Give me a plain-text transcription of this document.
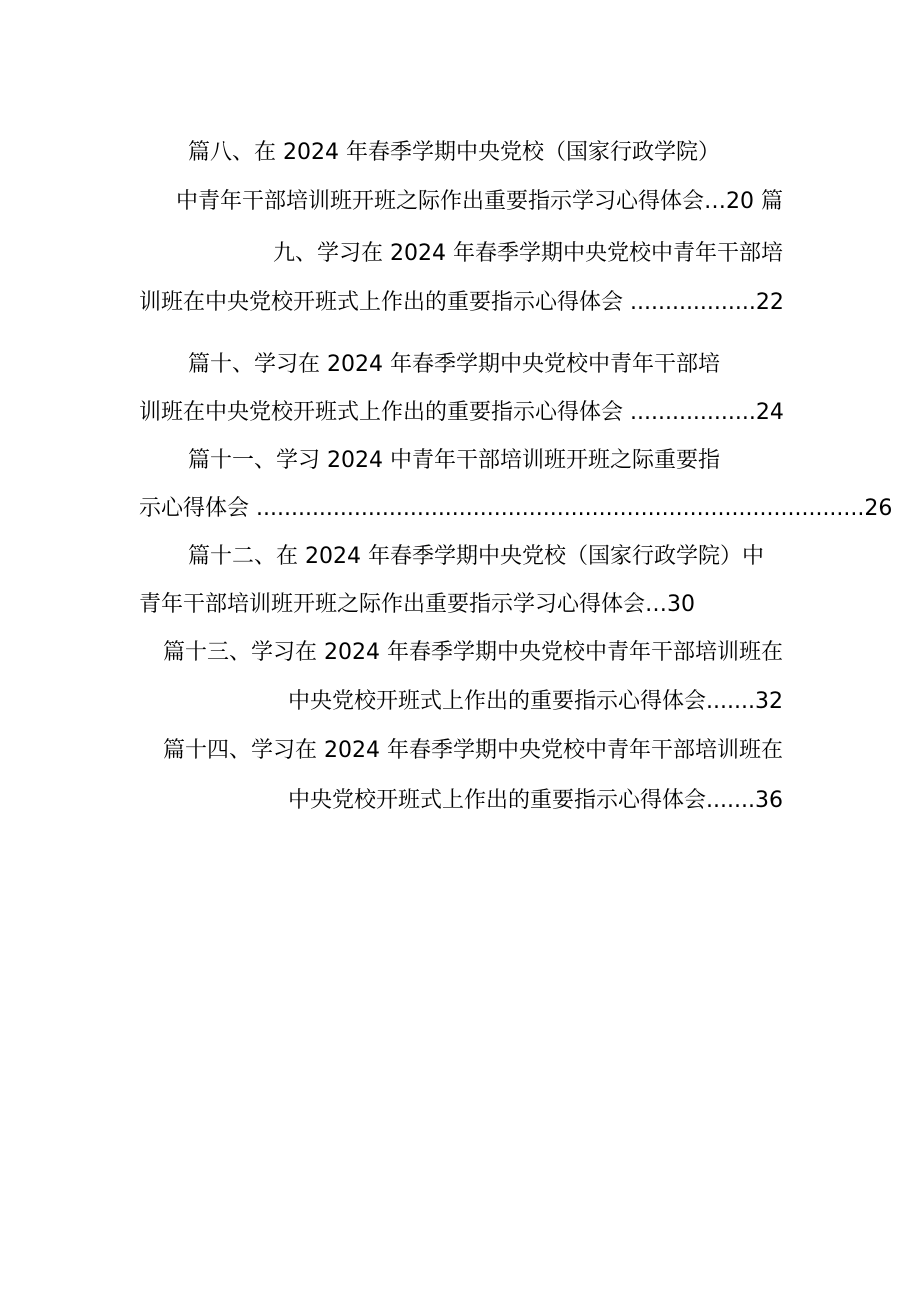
篇八、在 2024 年春季学期中央党校（国家行政学院）
中青年干部培训班开班之际作出重要指示学习心得体会…20 篇
九、学习在 2024 年春季学期中央党校中青年干部培
训班在中央党校开班式上作出的重要指示心得体会 ..................22
篇十、学习在 2024 年春季学期中央党校中青年干部培
训班在中央党校开班式上作出的重要指示心得体会 ..................24
篇十一、学习 2024 中青年干部培训班开班之际重要指
示心得体会 .......................................................................................26
篇十二、在 2024 年春季学期中央党校（国家行政学院）中
青年干部培训班开班之际作出重要指示学习心得体会…30
篇十三、学习在 2024 年春季学期中央党校中青年干部培训班在
中央党校开班式上作出的重要指示心得体会.......32
篇十四、学习在 2024 年春季学期中央党校中青年干部培训班在
中央党校开班式上作出的重要指示心得体会.......36
